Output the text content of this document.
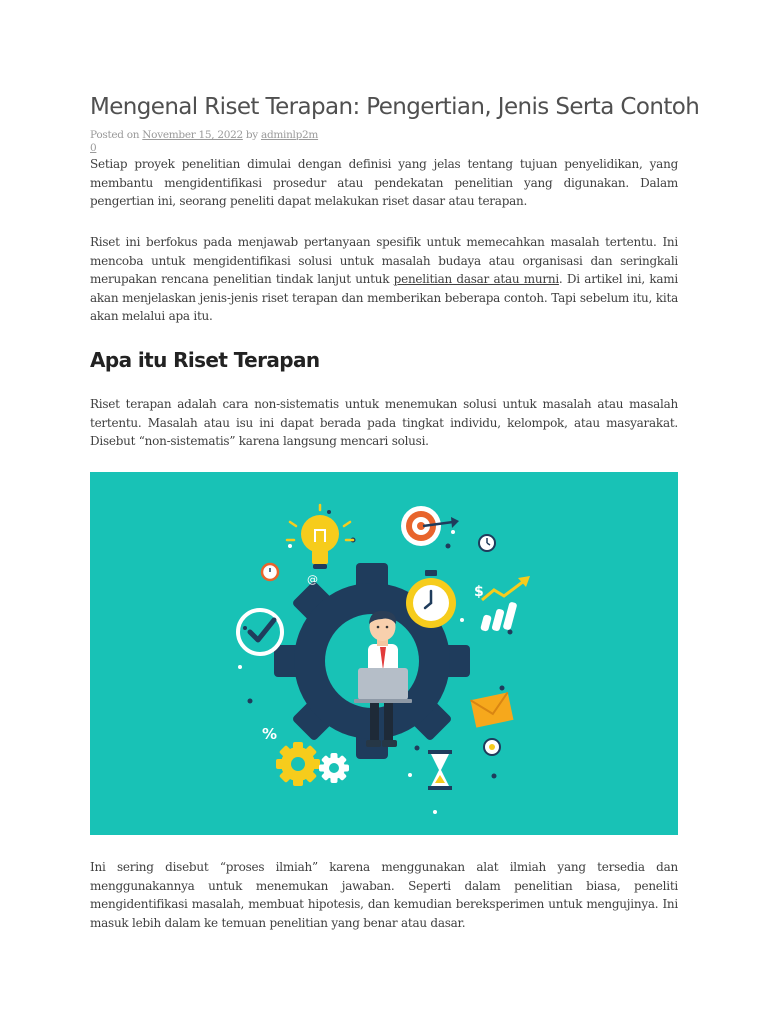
Mengenal Riset Terapan: Pengertian, Jenis Serta Contoh
Posted on November 15, 2022 by adminlp2m
0

Setiap proyek penelitian dimulai dengan definisi yang jelas tentang tujuan penyelidikan, yang membantu mengidentifikasi prosedur atau pendekatan penelitian yang digunakan. Dalam pengertian ini, seorang peneliti dapat melakukan riset dasar atau terapan.

Riset ini berfokus pada menjawab pertanyaan spesifik untuk memecahkan masalah tertentu. Ini mencoba untuk mengidentifikasi solusi untuk masalah budaya atau organisasi dan seringkali merupakan rencana penelitian tindak lanjut untuk penelitian dasar atau murni. Di artikel ini, kami akan menjelaskan jenis-jenis riset terapan dan memberikan beberapa contoh. Tapi sebelum itu, kita akan melalui apa itu.

Apa itu Riset Terapan

Riset terapan adalah cara non-sistematis untuk menemukan solusi untuk masalah atau masalah tertentu. Masalah atau isu ini dapat berada pada tingkat individu, kelompok, atau masyarakat. Disebut “non-sistematis” karena langsung mencari solusi.

@
$
%

Ini sering disebut “proses ilmiah” karena menggunakan alat ilmiah yang tersedia dan menggunakannya untuk menemukan jawaban. Seperti dalam penelitian biasa, peneliti mengidentifikasi masalah, membuat hipotesis, dan kemudian bereksperimen untuk mengujinya. Ini masuk lebih dalam ke temuan penelitian yang benar atau dasar.
